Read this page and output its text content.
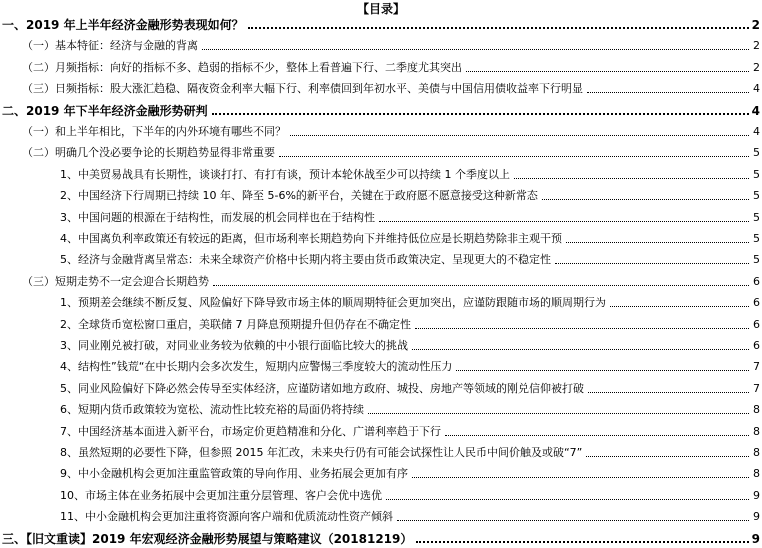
【目录】
一、2019 年上半年经济金融形势表现如何？	2
（一）基本特征：经济与金融的背离	2
（二）月频指标：向好的指标不多、趋弱的指标不少，整体上看普遍下行、二季度尤其突出	2
（三）日频指标：股大涨汇趋稳、隔夜资金利率大幅下行、利率债回到年初水平、美债与中国信用债收益率下行明显	4
二、2019 年下半年经济金融形势研判	4
（一）和上半年相比，下半年的内外环境有哪些不同？	4
（二）明确几个没必要争论的长期趋势显得非常重要	5
1、中美贸易战具有长期性，谈谈打打、有打有谈，预计本轮休战至少可以持续 1 个季度以上	5
2、中国经济下行周期已持续 10 年、降至 5-6%的新平台，关键在于政府愿不愿意接受这种新常态	5
3、中国问题的根源在于结构性，而发展的机会同样也在于结构性	5
4、中国离负利率政策还有较远的距离，但市场利率长期趋势向下并维持低位应是长期趋势除非主观干预	5
5、经济与金融背离呈常态：未来全球资产价格中长期内将主要由货币政策决定、呈现更大的不稳定性	5
（三）短期走势不一定会迎合长期趋势	6
1、预期差会继续不断反复、风险偏好下降导致市场主体的顺周期特征会更加突出，应谨防跟随市场的顺周期行为	6
2、全球货币宽松窗口重启，美联储 7 月降息预期提升但仍存在不确定性	6
3、同业刚兑被打破，对同业业务较为依赖的中小银行面临比较大的挑战	6
4、结构性”钱荒“在中长期内会多次发生，短期内应警惕三季度较大的流动性压力	7
5、同业风险偏好下降必然会传导至实体经济，应谨防诸如地方政府、城投、房地产等领域的刚兑信仰被打破	7
6、短期内货币政策较为宽松、流动性比较充裕的局面仍将持续	8
7、中国经济基本面进入新平台，市场定价更趋精准和分化、广谱利率趋于下行	8
8、虽然短期的必要性下降，但参照 2015 年汇改，未来央行仍有可能会试探性让人民币中间价触及或破“7”	8
9、中小金融机构会更加注重监管政策的导向作用、业务拓展会更加有序	8
10、市场主体在业务拓展中会更加注重分层管理、客户会优中选优	9
11、中小金融机构会更加注重将资源向客户端和优质流动性资产倾斜	9
三、【旧文重读】2019 年宏观经济金融形势展望与策略建议（20181219）	9
